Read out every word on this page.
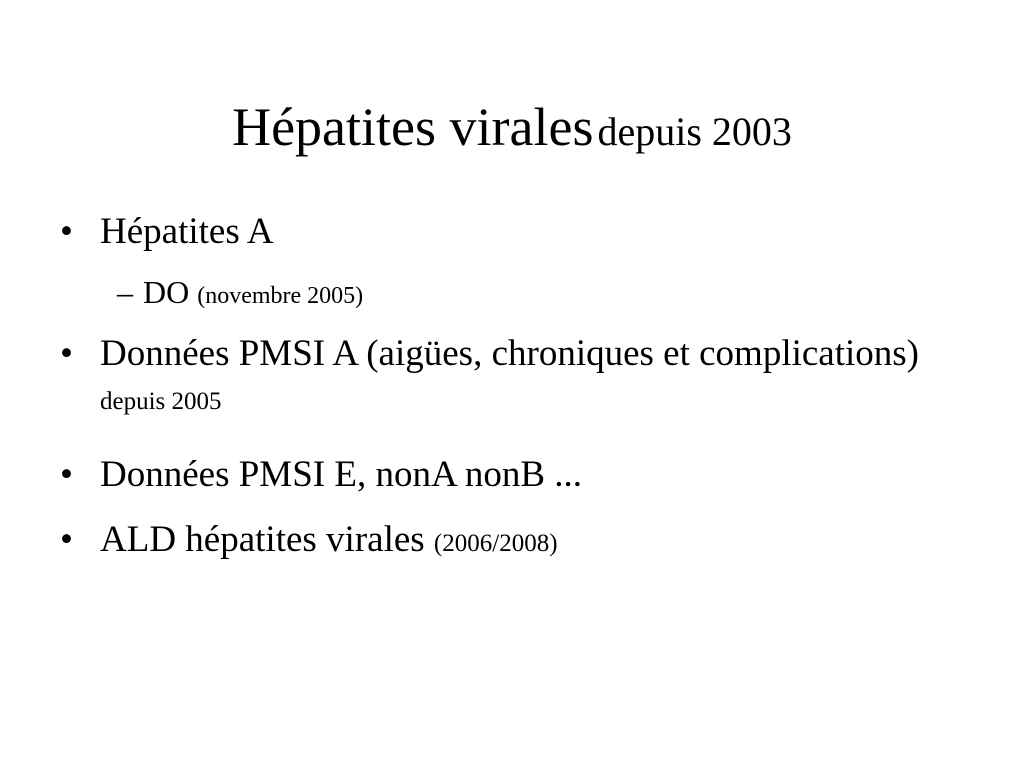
Hépatites virales depuis 2003
• Hépatites A
– DO (novembre 2005)
• Données PMSI A (aigües, chroniques et complications) depuis 2005
• Données PMSI E, nonA nonB ...
• ALD hépatites virales (2006/2008)
